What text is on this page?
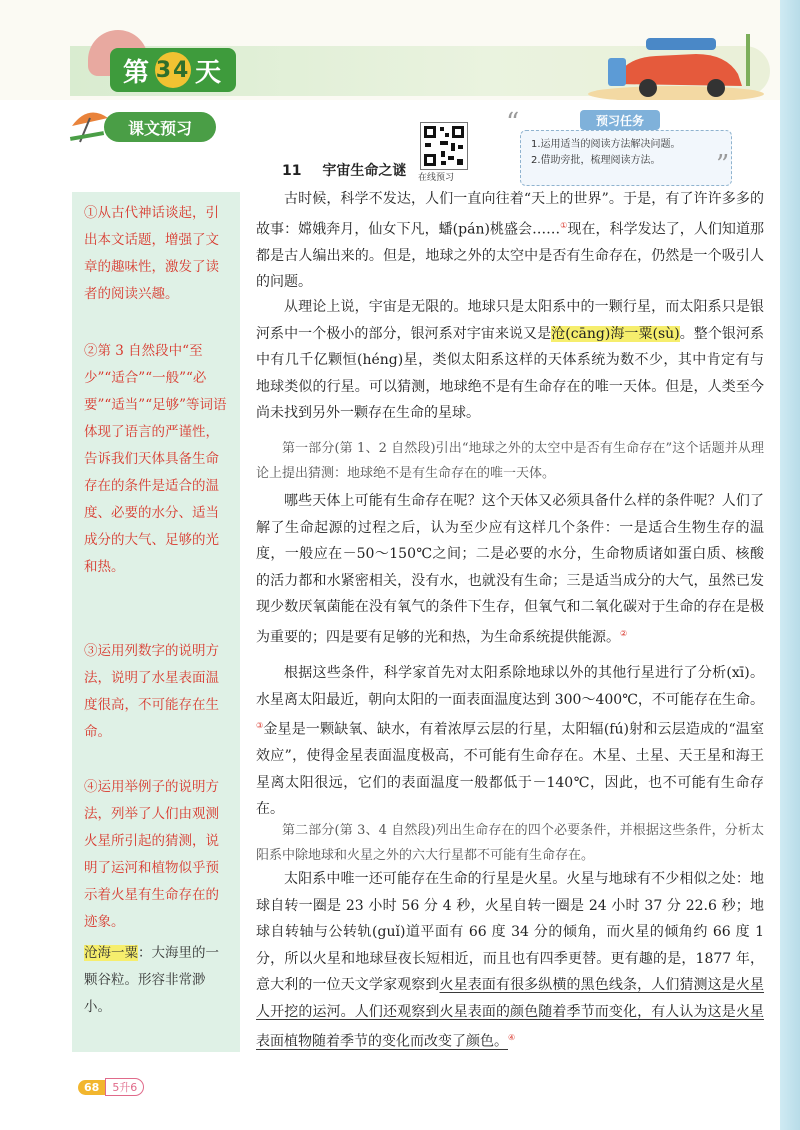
第 34 天
课文预习
在线预习
11 宇宙生命之谜
“
1.运用适当的阅读方法解决问题。
2.借助旁批，梳理阅读方法。
预习任务
”
①从古代神话谈起，引出本文话题，增强了文章的趣味性，激发了读者的阅读兴趣。
②第 3 自然段中“至少”“适合”“一般”“必要”“适当”“足够”等词语体现了语言的严谨性，告诉我们天体具备生命存在的条件是适合的温度、必要的水分、适当成分的大气、足够的光和热。
③运用列数字的说明方法，说明了水星表面温度很高，不可能存在生命。
④运用举例子的说明方法，列举了人们由观测火星所引起的猜测，说明了运河和植物似乎预示着火星有生命存在的迹象。
沧海一粟：大海里的一颗谷粒。形容非常渺小。
古时候，科学不发达，人们一直向往着“天上的世界”。于是，有了许许多多的故事：嫦娥奔月，仙女下凡，蟠(pán)桃盛会……①现在，科学发达了，人们知道那都是古人编出来的。但是，地球之外的太空中是否有生命存在，仍然是一个吸引人的问题。
从理论上说，宇宙是无限的。地球只是太阳系中的一颗行星，而太阳系只是银河系中一个极小的部分，银河系对宇宙来说又是沧(cāng)海一粟(sù)。整个银河系中有几千亿颗恒(héng)星，类似太阳系这样的天体系统为数不少，其中肯定有与地球类似的行星。可以猜测，地球绝不是有生命存在的唯一天体。但是，人类至今尚未找到另外一颗存在生命的星球。
第一部分(第 1、2 自然段)引出“地球之外的太空中是否有生命存在”这个话题并从理论上提出猜测：地球绝不是有生命存在的唯一天体。
哪些天体上可能有生命存在呢？这个天体又必须具备什么样的条件呢？人们了解了生命起源的过程之后，认为至少应有这样几个条件：一是适合生物生存的温度，一般应在－50～150℃之间；二是必要的水分，生命物质诸如蛋白质、核酸的活力都和水紧密相关，没有水，也就没有生命；三是适当成分的大气，虽然已发现少数厌氧菌能在没有氧气的条件下生存，但氧气和二氧化碳对于生命的存在是极为重要的；四是要有足够的光和热，为生命系统提供能源。②
根据这些条件，科学家首先对太阳系除地球以外的其他行星进行了分析(xī)。水星离太阳最近，朝向太阳的一面表面温度达到 300～400℃，不可能存在生命。③金星是一颗缺氧、缺水，有着浓厚云层的行星，太阳辐(fú)射和云层造成的“温室效应”，使得金星表面温度极高，不可能有生命存在。木星、土星、天王星和海王星离太阳很远，它们的表面温度一般都低于－140℃，因此，也不可能有生命存在。
第二部分(第 3、4 自然段)列出生命存在的四个必要条件，并根据这些条件，分析太阳系中除地球和火星之外的六大行星都不可能有生命存在。
太阳系中唯一还可能存在生命的行星是火星。火星与地球有不少相似之处：地球自转一圈是 23 小时 56 分 4 秒，火星自转一圈是 24 小时 37 分 22.6 秒；地球自转轴与公转轨(guǐ)道平面有 66 度 34 分的倾角，而火星的倾角约 66 度 1 分，所以火星和地球昼夜长短相近，而且也有四季更替。更有趣的是，1877 年，意大利的一位天文学家观察到火星表面有很多纵横的黑色线条，人们猜测这是火星人开挖的运河。人们还观察到火星表面的颜色随着季节而变化，有人认为这是火星表面植物随着季节的变化而改变了颜色。④
68	5升6
